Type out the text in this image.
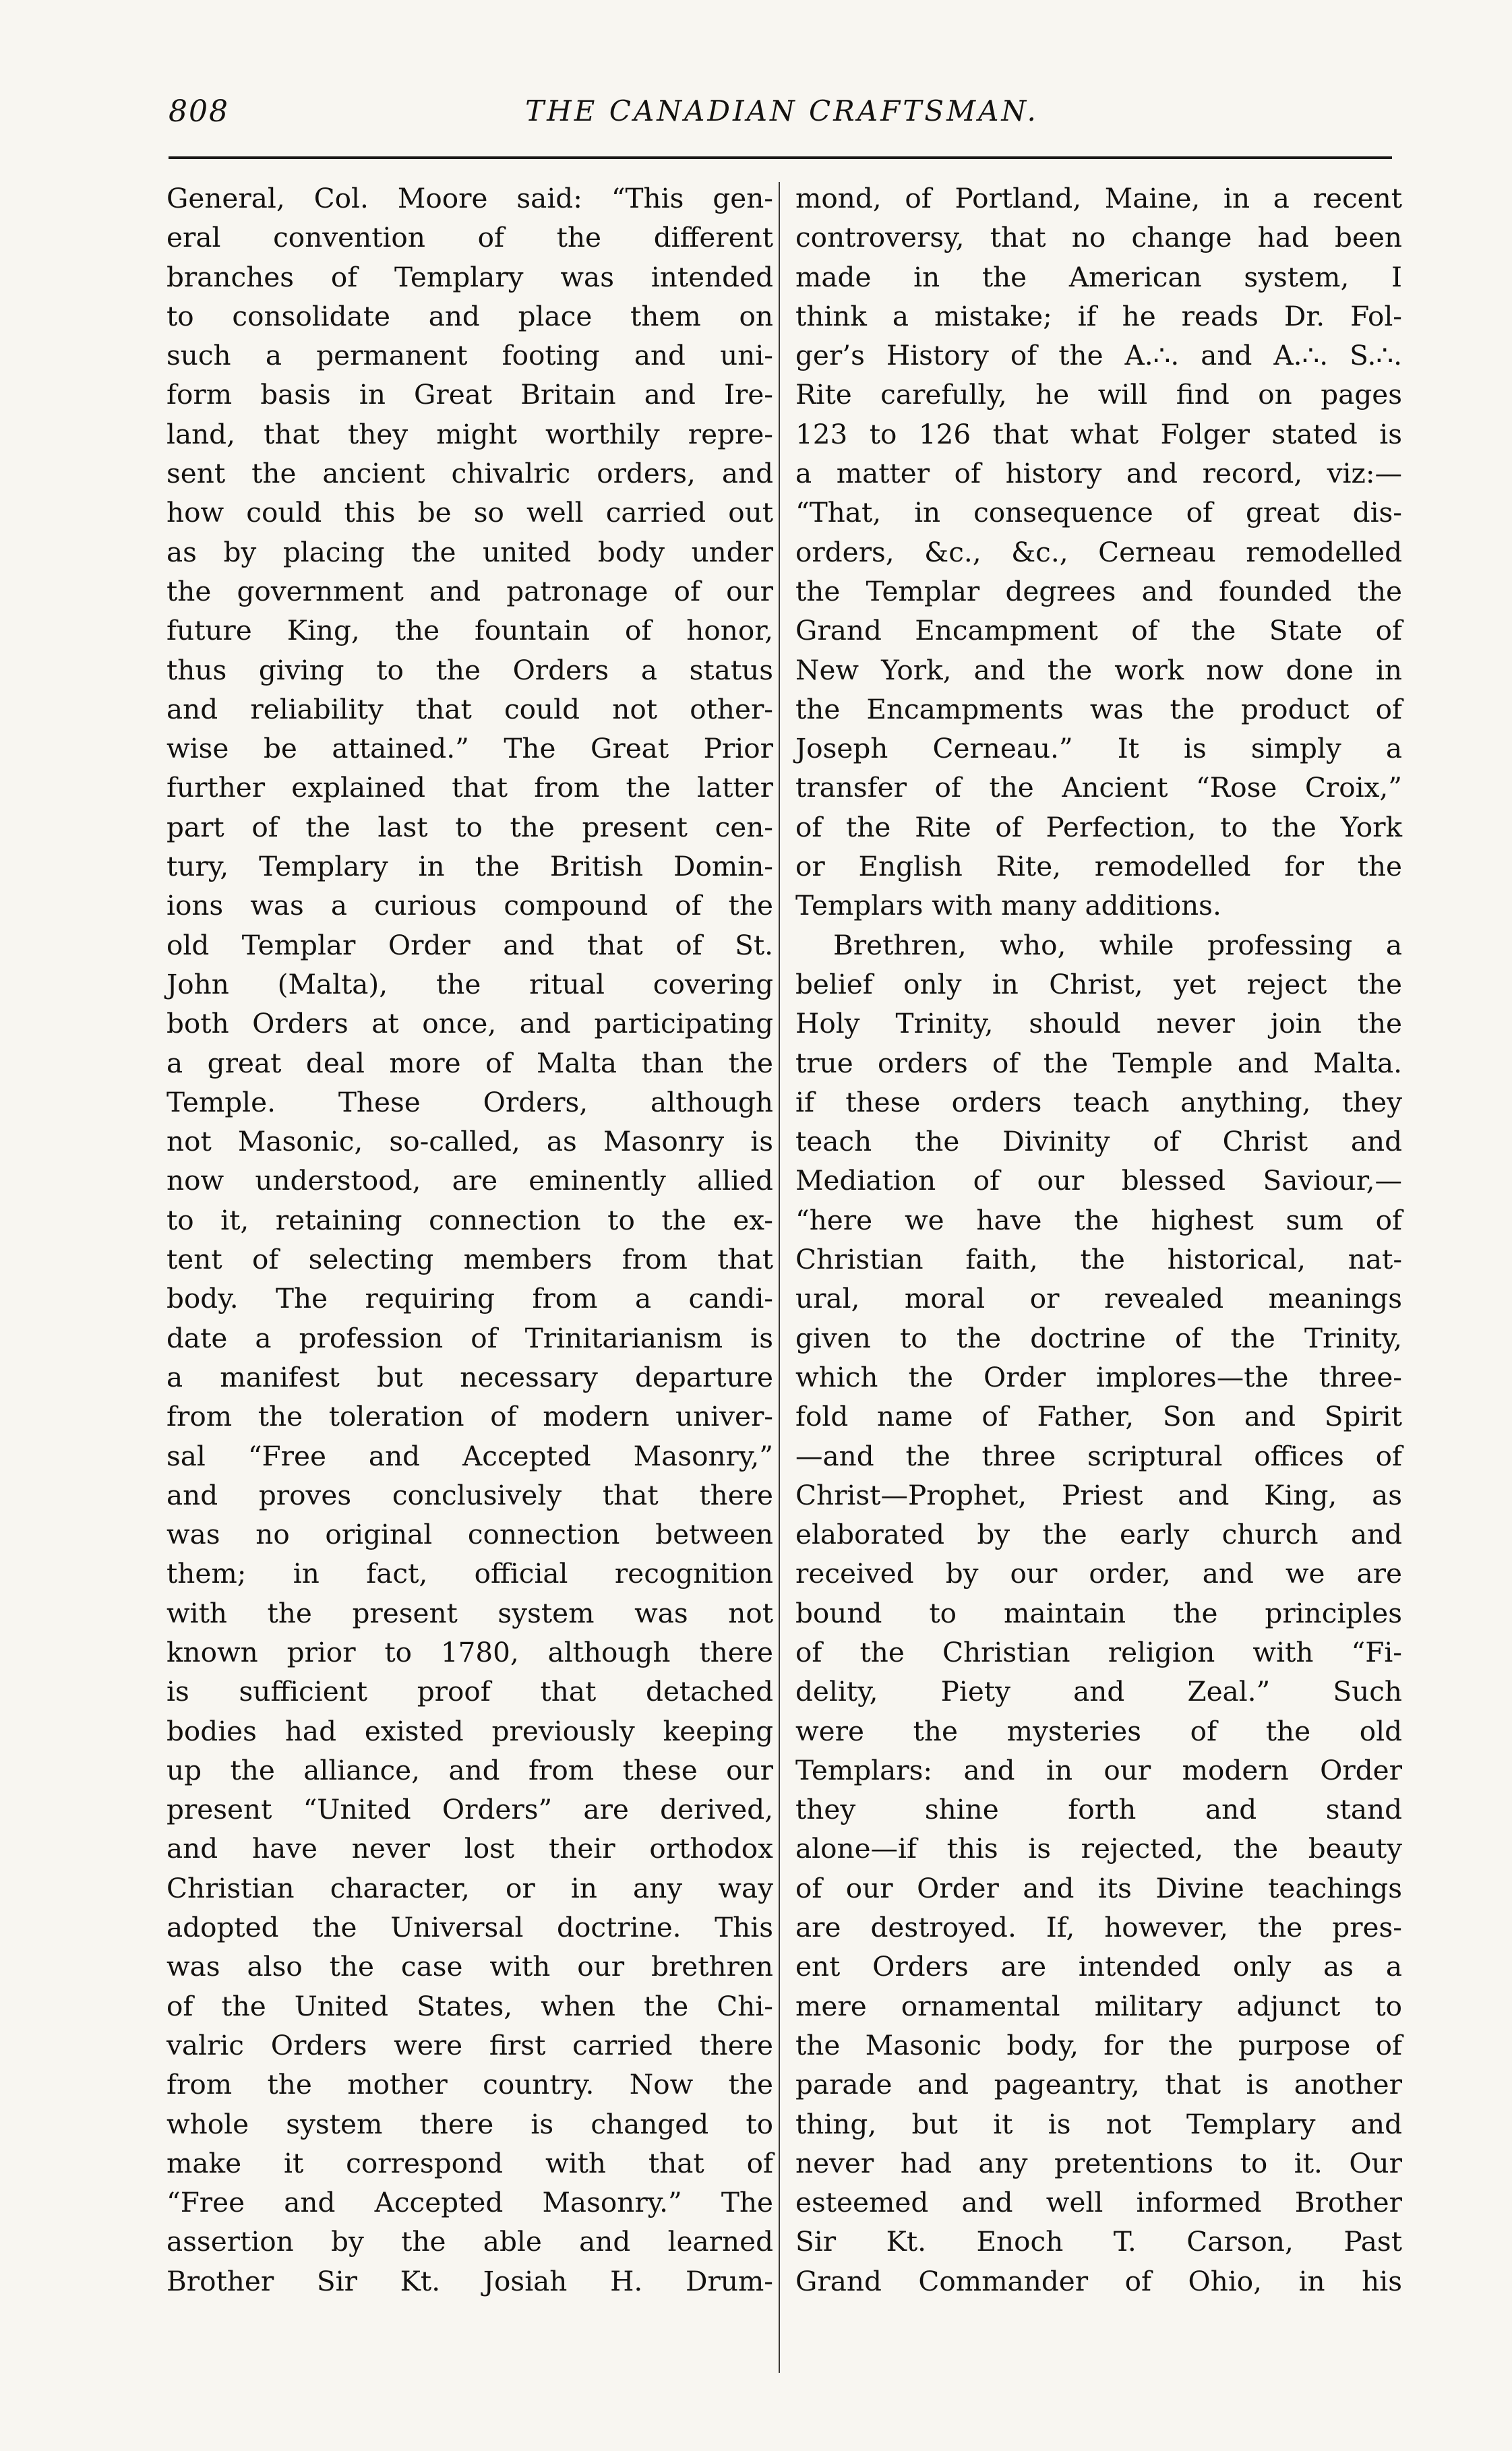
808	THE CANADIAN CRAFTSMAN.
General, Col. Moore said: “This gen-
eral convention of the different
branches of Templary was intended
to consolidate and place them on
such a permanent footing and uni-
form basis in Great Britain and Ire-
land, that they might worthily repre-
sent the ancient chivalric orders, and
how could this be so well carried out
as by placing the united body under
the government and patronage of our
future King, the fountain of honor,
thus giving to the Orders a status
and reliability that could not other-
wise be attained.” The Great Prior
further explained that from the latter
part of the last to the present cen-
tury, Templary in the British Domin-
ions was a curious compound of the
old Templar Order and that of St.
John (Malta), the ritual covering
both Orders at once, and participating
a great deal more of Malta than the
Temple. These Orders, although
not Masonic, so-called, as Masonry is
now understood, are eminently allied
to it, retaining connection to the ex-
tent of selecting members from that
body. The requiring from a candi-
date a profession of Trinitarianism is
a manifest but necessary departure
from the toleration of modern univer-
sal “Free and Accepted Masonry,”
and proves conclusively that there
was no original connection between
them; in fact, official recognition
with the present system was not
known prior to 1780, although there
is sufficient proof that detached
bodies had existed previously keeping
up the alliance, and from these our
present “United Orders” are derived,
and have never lost their orthodox
Christian character, or in any way
adopted the Universal doctrine. This
was also the case with our brethren
of the United States, when the Chi-
valric Orders were first carried there
from the mother country. Now the
whole system there is changed to
make it correspond with that of
“Free and Accepted Masonry.” The
assertion by the able and learned
Brother Sir Kt. Josiah H. Drum-
mond, of Portland, Maine, in a recent
controversy, that no change had been
made in the American system, I
think a mistake; if he reads Dr. Fol-
ger’s History of the A.∴. and A.∴. S.∴.
Rite carefully, he will find on pages
123 to 126 that what Folger stated is
a matter of history and record, viz:—
“That, in consequence of great dis-
orders, &c., &c., Cerneau remodelled
the Templar degrees and founded the
Grand Encampment of the State of
New York, and the work now done in
the Encampments was the product of
Joseph Cerneau.” It is simply a
transfer of the Ancient “Rose Croix,”
of the Rite of Perfection, to the York
or English Rite, remodelled for the
Templars with many additions.
Brethren, who, while professing a
belief only in Christ, yet reject the
Holy Trinity, should never join the
true orders of the Temple and Malta.
if these orders teach anything, they
teach the Divinity of Christ and
Mediation of our blessed Saviour,—
“here we have the highest sum of
Christian faith, the historical, nat-
ural, moral or revealed meanings
given to the doctrine of the Trinity,
which the Order implores—the three-
fold name of Father, Son and Spirit
—and the three scriptural offices of
Christ—Prophet, Priest and King, as
elaborated by the early church and
received by our order, and we are
bound to maintain the principles
of the Christian religion with “Fi-
delity, Piety and Zeal.” Such
were the mysteries of the old
Templars: and in our modern Order
they shine forth and stand
alone—if this is rejected, the beauty
of our Order and its Divine teachings
are destroyed. If, however, the pres-
ent Orders are intended only as a
mere ornamental military adjunct to
the Masonic body, for the purpose of
parade and pageantry, that is another
thing, but it is not Templary and
never had any pretentions to it. Our
esteemed and well informed Brother
Sir Kt. Enoch T. Carson, Past
Grand Commander of Ohio, in his
